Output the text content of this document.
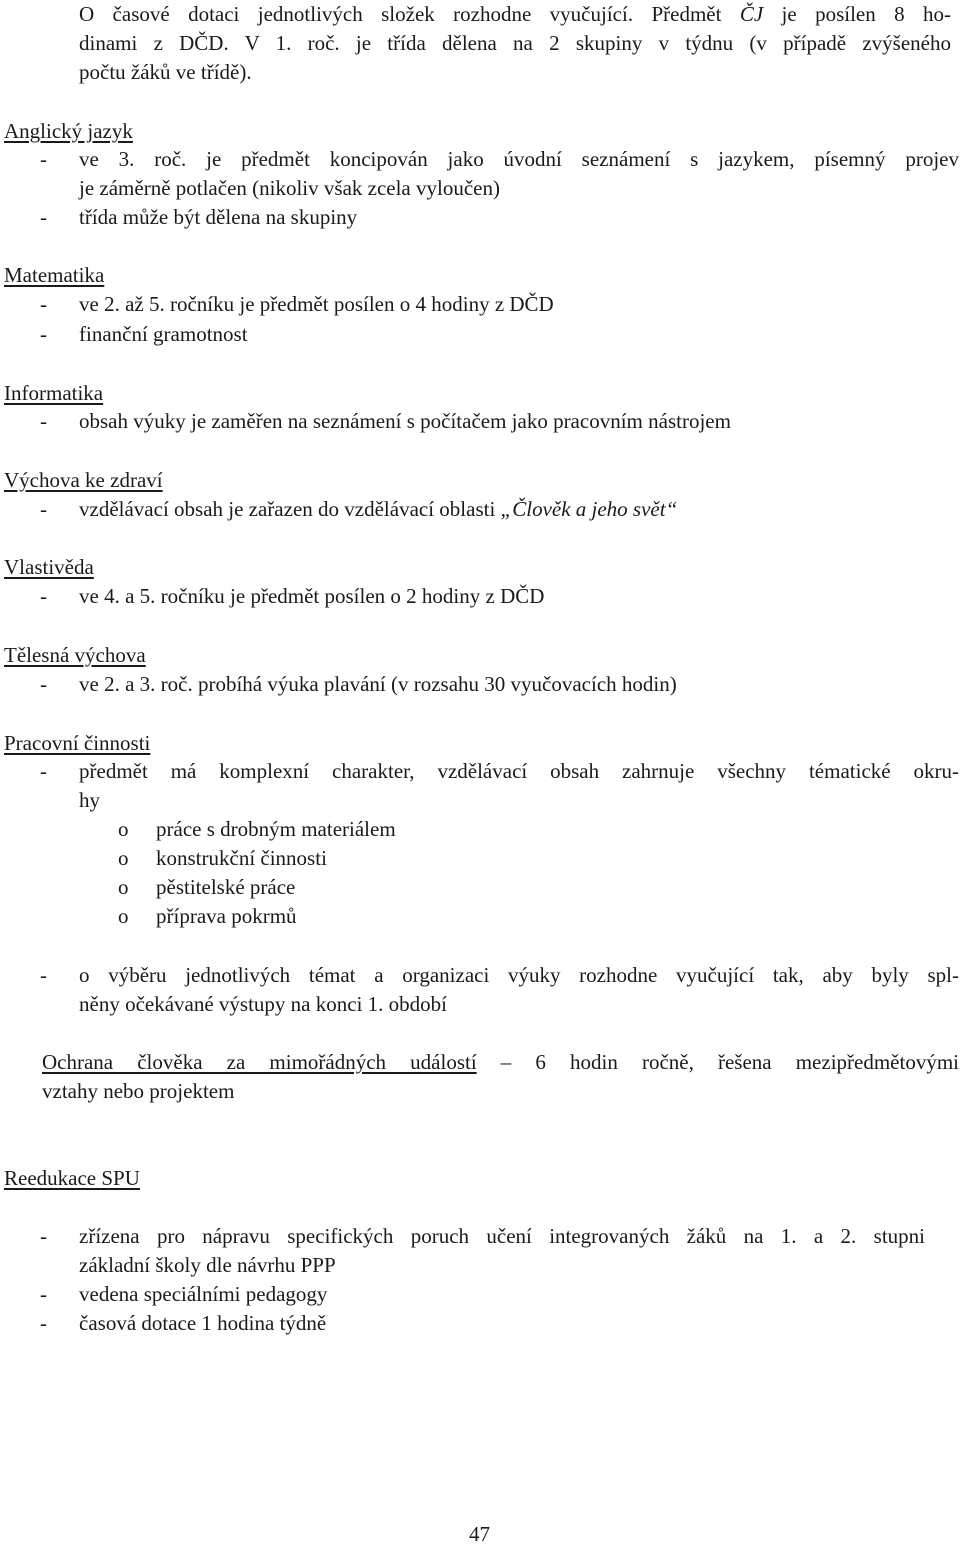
O časové dotaci jednotlivých složek rozhodne vyučující. Předmět ČJ je posílen 8 ho-
dinami z DČD. V 1. roč. je třída dělena na 2 skupiny v týdnu (v případě zvýšeného
počtu žáků ve třídě).
Anglický jazyk
- ve 3. roč. je předmět koncipován jako úvodní seznámení s jazykem, písemný projev
je záměrně potlačen (nikoliv však zcela vyloučen)
- třída může být dělena na skupiny
Matematika
- ve 2. až 5. ročníku je předmět posílen o 4 hodiny z DČD
- finanční gramotnost
Informatika
- obsah výuky je zaměřen na seznámení s počítačem jako pracovním nástrojem
Výchova ke zdraví
- vzdělávací obsah je zařazen do vzdělávací oblasti „Člověk a jeho svět“
Vlastivěda
- ve 4. a 5. ročníku je předmět posílen o 2 hodiny z DČD
Tělesná výchova
- ve 2. a 3. roč. probíhá výuka plavání (v rozsahu 30 vyučovacích hodin)
Pracovní činnosti
- předmět má komplexní charakter, vzdělávací obsah zahrnuje všechny tématické okru-
hy
o práce s drobným materiálem
o konstrukční činnosti
o pěstitelské práce
o příprava pokrmů
- o výběru jednotlivých témat a organizaci výuky rozhodne vyučující tak, aby byly spl-
něny očekávané výstupy na konci 1. období
Ochrana člověka za mimořádných událostí – 6 hodin ročně, řešena mezipředmětovými
vztahy nebo projektem
Reedukace SPU
- zřízena pro nápravu specifických poruch učení integrovaných žáků na 1. a 2. stupni
základní školy dle návrhu PPP
- vedena speciálními pedagogy
- časová dotace 1 hodina týdně
47
